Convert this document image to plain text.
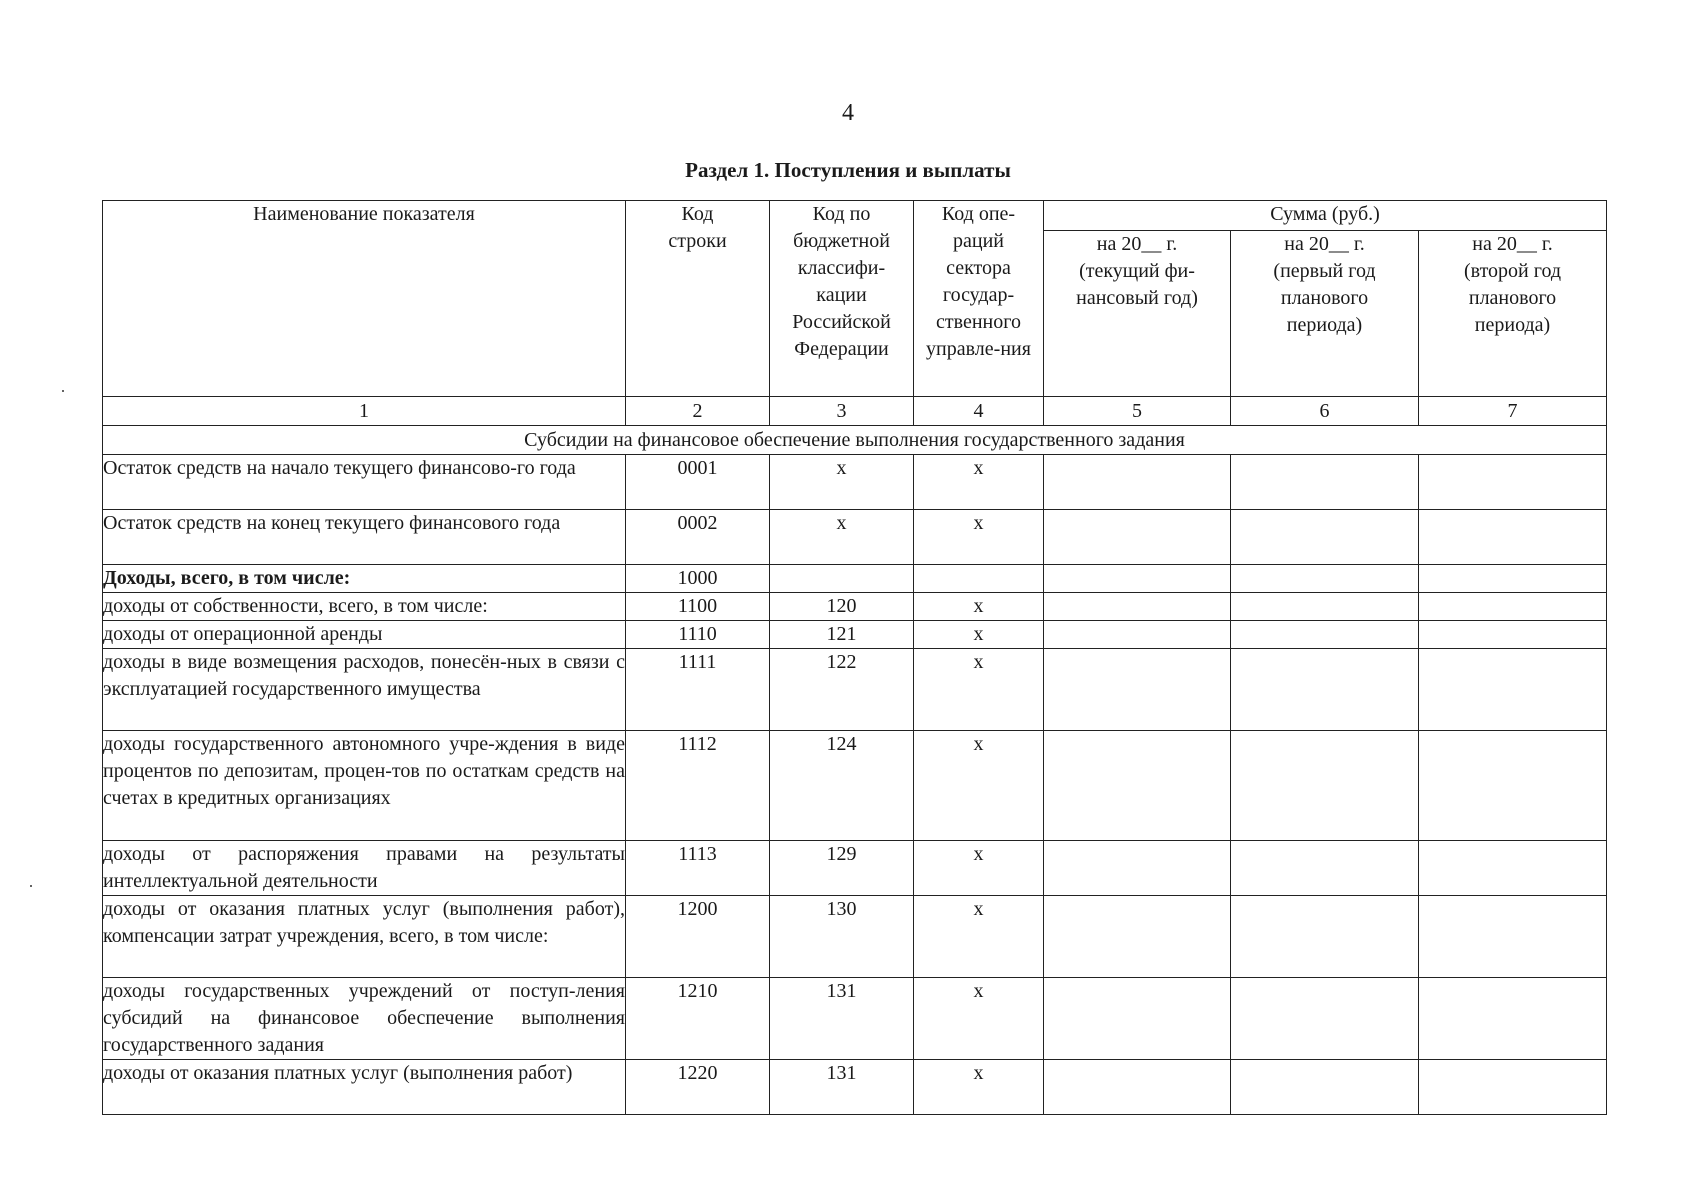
4
Раздел 1. Поступления и выплаты
Наименование показателя	Код строки	Код по бюджетной классифи-кации Российской Федерации	Код опе-раций сектора государ-ственного управле-ния	Сумма (руб.)		

				на 20__ г. (текущий фи-нансовый год)	на 20__ г. (первый год планового периода)	на 20__ г. (второй год планового периода)

1	2	3	4	5	6	7
Субсидии на финансовое обеспечение выполнения государственного задания						
Остаток средств на начало текущего финансово-го года	0001	х	х			
Остаток средств на конец текущего финансового года	0002	х	х			
Доходы, всего, в том числе:	1000					
доходы от собственности, всего, в том числе:	1100	120	х			
доходы от операционной аренды	1110	121	х			
доходы в виде возмещения расходов, понесён-ных в связи с эксплуатацией государственного имущества	1111	122	х			
доходы государственного автономного учре-ждения в виде процентов по депозитам, процен-тов по остаткам средств на счетах в кредитных организациях	1112	124	х			
доходы от распоряжения правами на результаты интеллектуальной деятельности	1113	129	х			
доходы от оказания платных услуг (выполнения работ), компенсации затрат учреждения, всего, в том числе:	1200	130	х			
доходы государственных учреждений от поступ-ления субсидий на финансовое обеспечение выполнения государственного задания	1210	131	х			
доходы от оказания платных услуг (выполнения работ)	1220	131	х			
